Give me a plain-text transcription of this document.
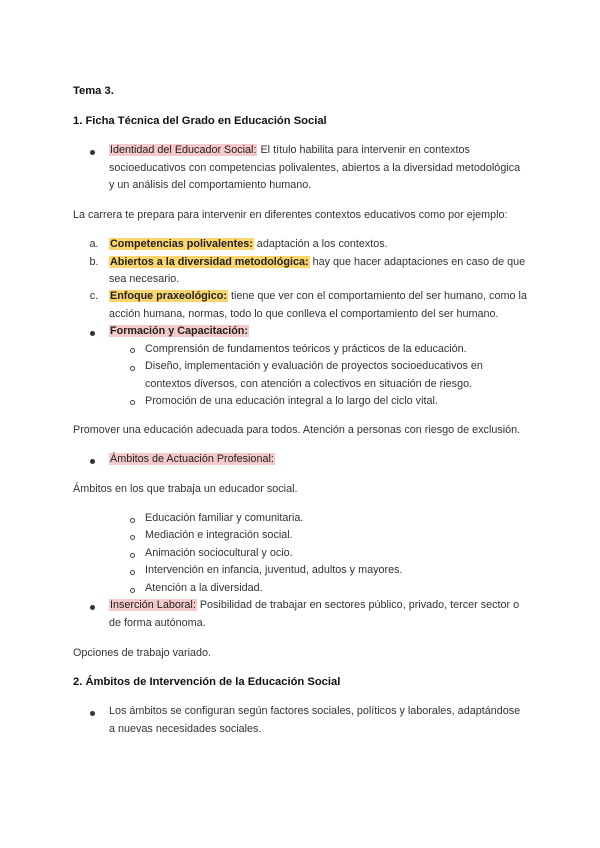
Tema 3.
1. Ficha Técnica del Grado en Educación Social
Identidad del Educador Social: El título habilita para intervenir en contextos
socioeducativos con competencias polivalentes, abiertos a la diversidad metodológica
y un análisis del comportamiento humano.
La carrera te prepara para intervenir en diferentes contextos educativos como por ejemplo:
a.	Competencias polivalentes: adaptación a los contextos.
b.	Abiertos a la diversidad metodológica: hay que hacer adaptaciones en caso de que
sea necesario.
c.	Enfoque praxeológico: tiene que ver con el comportamiento del ser humano, como la
acción humana, normas, todo lo que conlleva el comportamiento del ser humano.
Formación y Capacitación:
Comprensión de fundamentos teóricos y prácticos de la educación.
Diseño, implementación y evaluación de proyectos socioeducativos en
contextos diversos, con atención a colectivos en situación de riesgo.
Promoción de una educación integral a lo largo del ciclo vital.
Promover una educación adecuada para todos. Atención a personas con riesgo de exclusión.
Ámbitos de Actuación Profesional:
Ámbitos en los que trabaja un educador social.
Educación familiar y comunitaria.
Mediación e integración social.
Animación sociocultural y ocio.
Intervención en infancia, juventud, adultos y mayores.
Atención a la diversidad.
Inserción Laboral: Posibilidad de trabajar en sectores público, privado, tercer sector o
de forma autónoma.
Opciones de trabajo variado.
2. Ámbitos de Intervención de la Educación Social
Los ámbitos se configuran según factores sociales, políticos y laborales, adaptándose
a nuevas necesidades sociales.
